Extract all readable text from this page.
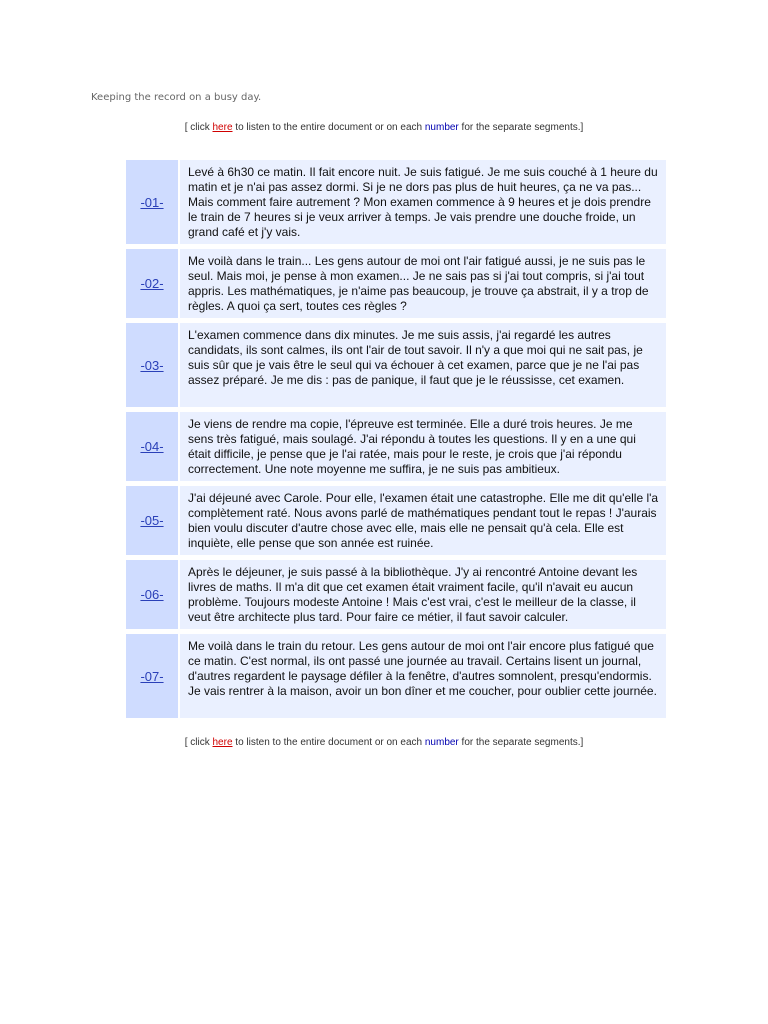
Keeping the record on a busy day.
[ click here to listen to the entire document or on each number for the separate segments.]
-01-	Levé à 6h30 ce matin. Il fait encore nuit. Je suis fatigué. Je me suis couché à 1 heure du matin et je n'ai pas assez dormi. Si je ne dors pas plus de huit heures, ça ne va pas... Mais comment faire autrement ? Mon examen commence à 9 heures et je dois prendre le train de 7 heures si je veux arriver à temps. Je vais prendre une douche froide, un grand café et j'y vais.
-02-	Me voilà dans le train... Les gens autour de moi ont l'air fatigué aussi, je ne suis pas le seul. Mais moi, je pense à mon examen... Je ne sais pas si j'ai tout compris, si j'ai tout appris. Les mathématiques, je n'aime pas beaucoup, je trouve ça abstrait, il y a trop de règles. A quoi ça sert, toutes ces règles ?
-03-	L'examen commence dans dix minutes. Je me suis assis, j'ai regardé les autres candidats, ils sont calmes, ils ont l'air de tout savoir. Il n'y a que moi qui ne sait pas, je suis sûr que je vais être le seul qui va échouer à cet examen, parce que je ne l'ai pas assez préparé. Je me dis : pas de panique, il faut que je le réussisse, cet examen.
-04-	Je viens de rendre ma copie, l'épreuve est terminée. Elle a duré trois heures. Je me sens très fatigué, mais soulagé. J'ai répondu à toutes les questions. Il y en a une qui était difficile, je pense que je l'ai ratée, mais pour le reste, je crois que j'ai répondu correctement. Une note moyenne me suffira, je ne suis pas ambitieux.
-05-	J'ai déjeuné avec Carole. Pour elle, l'examen était une catastrophe. Elle me dit qu'elle l'a complètement raté. Nous avons parlé de mathématiques pendant tout le repas ! J'aurais bien voulu discuter d'autre chose avec elle, mais elle ne pensait qu'à cela. Elle est inquiète, elle pense que son année est ruinée.
-06-	Après le déjeuner, je suis passé à la bibliothèque. J'y ai rencontré Antoine devant les livres de maths. Il m'a dit que cet examen était vraiment facile, qu'il n'avait eu aucun problème. Toujours modeste Antoine ! Mais c'est vrai, c'est le meilleur de la classe, il veut être architecte plus tard. Pour faire ce métier, il faut savoir calculer.
-07-	Me voilà dans le train du retour. Les gens autour de moi ont l'air encore plus fatigué que ce matin. C'est normal, ils ont passé une journée au travail. Certains lisent un journal, d'autres regardent le paysage défiler à la fenêtre, d'autres somnolent, presqu'endormis. Je vais rentrer à la maison, avoir un bon dîner et me coucher, pour oublier cette journée.
[ click here to listen to the entire document or on each number for the separate segments.]
